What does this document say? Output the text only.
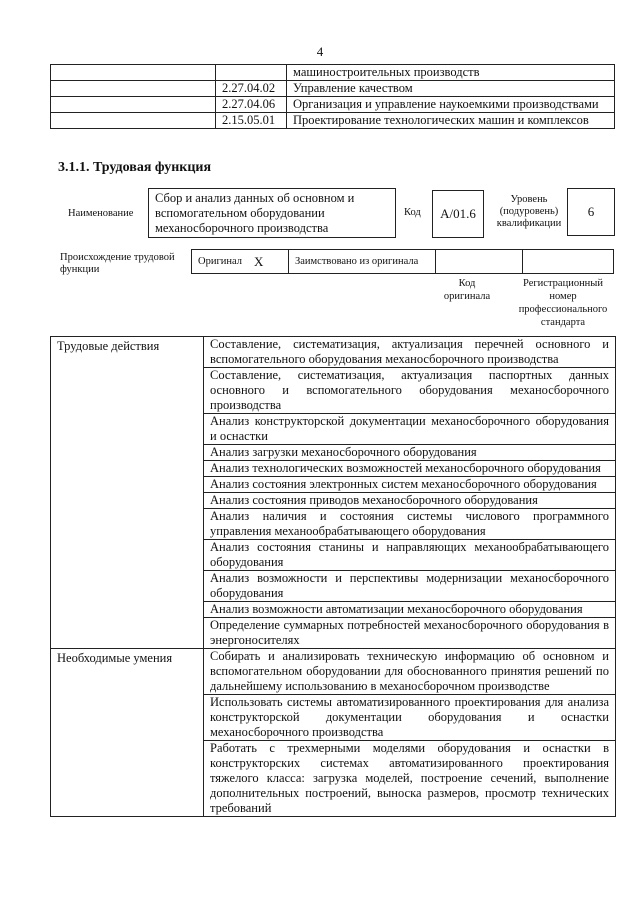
4
		машиностроительных производств
	2.27.04.02	Управление качеством
	2.27.04.06	Организация и управление наукоемкими производствами
	2.15.05.01	Проектирование технологических машин и комплексов
3.1.1. Трудовая функция
Наименование
Сбор и анализ данных об основном и вспомогательном оборудовании механосборочного производства
Код	A/01.6
Уровень (подуровень) квалификации
6
Происхождение трудовой функции
Оригинал X	Заимствовано из оригинала
Код оригинала
Регистрационный номер профессионального стандарта
Трудовые действия	Составление, систематизация, актуализация перечней основного и вспомогательного оборудования механосборочного производства
	Составление, систематизация, актуализация паспортных данных основного и вспомогательного оборудования механосборочного производства
	Анализ конструкторской документации механосборочного оборудования и оснастки
	Анализ загрузки механосборочного оборудования
	Анализ технологических возможностей механосборочного оборудования
	Анализ состояния электронных систем механосборочного оборудования
	Анализ состояния приводов механосборочного оборудования
	Анализ наличия и состояния системы числового программного управления механообрабатывающего оборудования
	Анализ состояния станины и направляющих механообрабатывающего оборудования
	Анализ возможности и перспективы модернизации механосборочного оборудования
	Анализ возможности автоматизации механосборочного оборудования
	Определение суммарных потребностей механосборочного оборудования в энергоносителях
Необходимые умения	Собирать и анализировать техническую информацию об основном и вспомогательном оборудовании для обоснованного принятия решений по дальнейшему использованию в механосборочном производстве
	Использовать системы автоматизированного проектирования для анализа конструкторской документации оборудования и оснастки механосборочного производства
	Работать с трехмерными моделями оборудования и оснастки в конструкторских системах автоматизированного проектирования тяжелого класса: загрузка моделей, построение сечений, выполнение дополнительных построений, выноска размеров, просмотр технических требований
